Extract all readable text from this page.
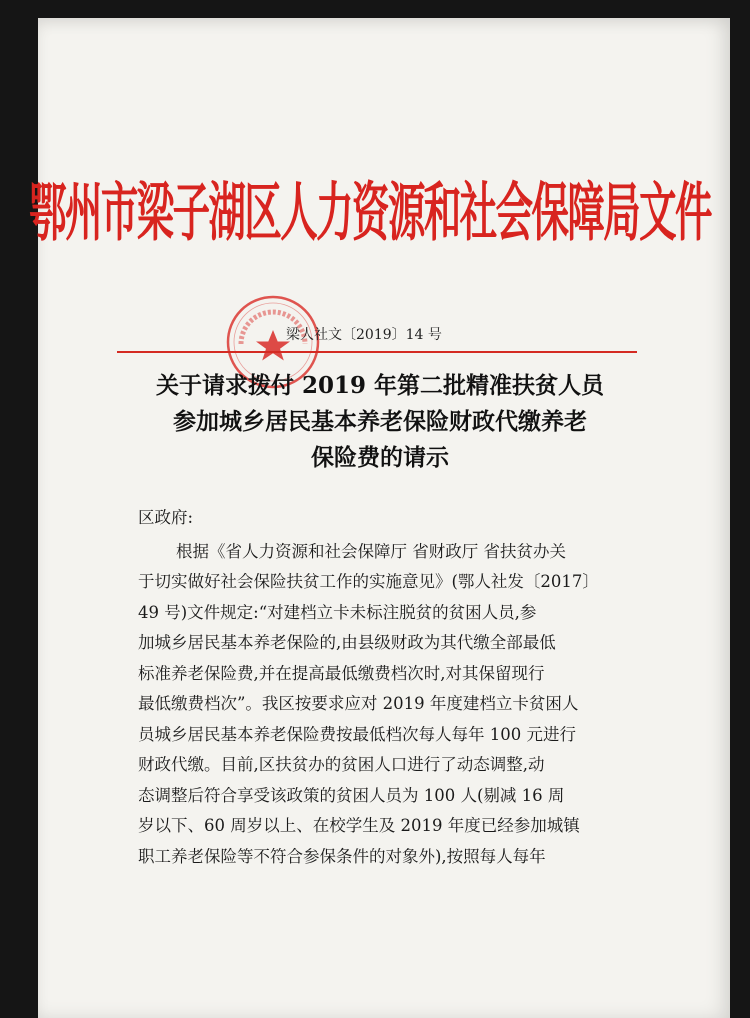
鄂州市梁子湖区人力资源和社会保障局文件
梁人社文〔2019〕14 号
关于请求拨付 2019 年第二批精准扶贫人员
参加城乡居民基本养老保险财政代缴养老
保险费的请示
区政府:
根据《省人力资源和社会保障厅 省财政厅 省扶贫办关
于切实做好社会保险扶贫工作的实施意见》(鄂人社发〔2017〕
49 号)文件规定:“对建档立卡未标注脱贫的贫困人员,参
加城乡居民基本养老保险的,由县级财政为其代缴全部最低
标准养老保险费,并在提高最低缴费档次时,对其保留现行
最低缴费档次”。我区按要求应对 2019 年度建档立卡贫困人
员城乡居民基本养老保险费按最低档次每人每年 100 元进行
财政代缴。目前,区扶贫办的贫困人口进行了动态调整,动
态调整后符合享受该政策的贫困人员为 100 人(剔减 16 周
岁以下、60 周岁以上、在校学生及 2019 年度已经参加城镇
职工养老保险等不符合参保条件的对象外),按照每人每年
